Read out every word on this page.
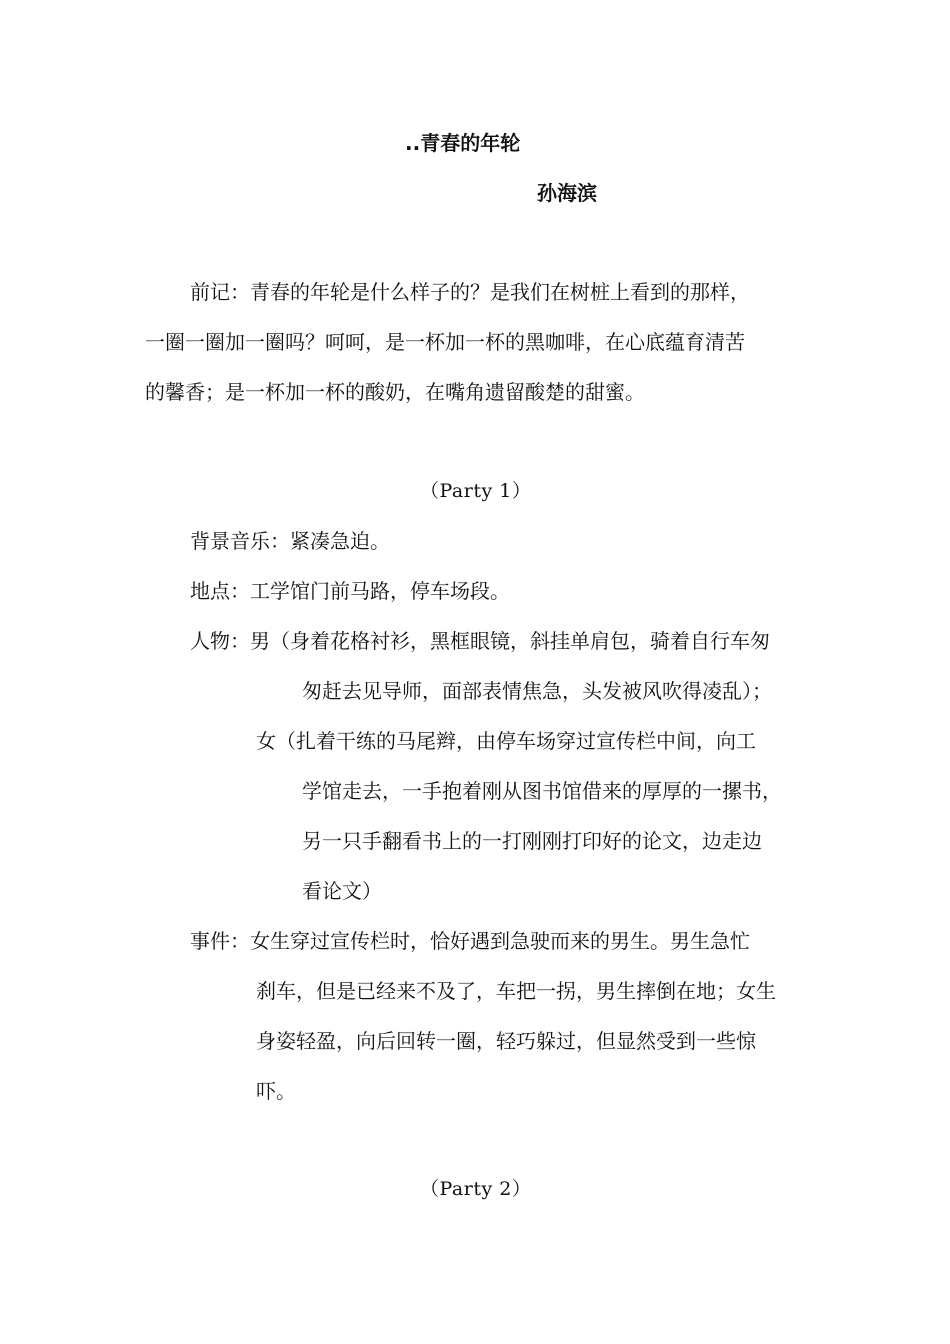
..青春的年轮
孙海滨
前记：青春的年轮是什么样子的？是我们在树桩上看到的那样，
一圈一圈加一圈吗？呵呵，是一杯加一杯的黑咖啡，在心底蕴育清苦
的馨香；是一杯加一杯的酸奶，在嘴角遗留酸楚的甜蜜。
（Party 1）
背景音乐：紧凑急迫。
地点：工学馆门前马路，停车场段。
人物：男（身着花格衬衫，黑框眼镜，斜挂单肩包，骑着自行车匆
匆赶去见导师，面部表情焦急，头发被风吹得凌乱）；
女（扎着干练的马尾辫，由停车场穿过宣传栏中间，向工
学馆走去，一手抱着刚从图书馆借来的厚厚的一摞书，
另一只手翻看书上的一打刚刚打印好的论文，边走边
看论文）
事件：女生穿过宣传栏时，恰好遇到急驶而来的男生。男生急忙
刹车，但是已经来不及了，车把一拐，男生摔倒在地；女生
身姿轻盈，向后回转一圈，轻巧躲过，但显然受到一些惊
吓。
（Party 2）
